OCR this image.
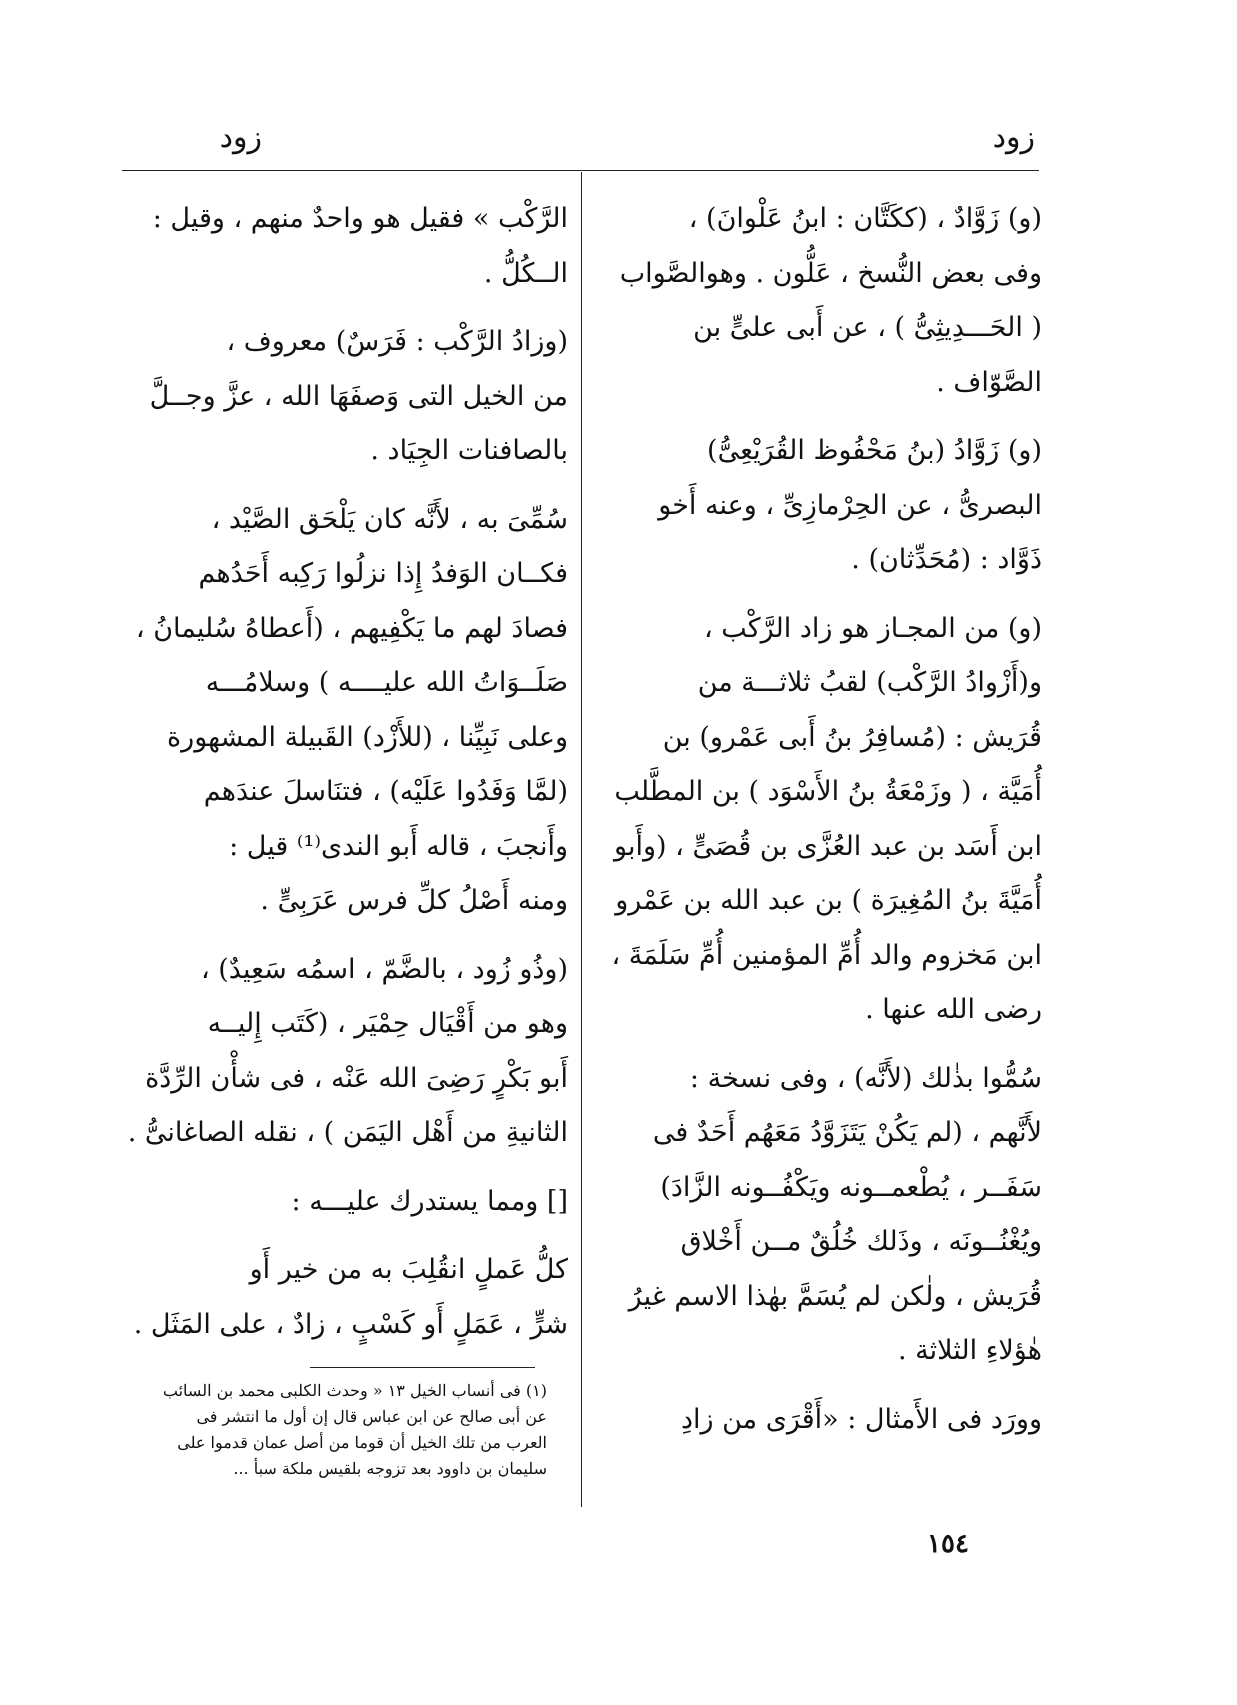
زود
زود

(و) زَوَّادٌ ، (ككَتَّان : ابنُ عَلْوانَ) ،

وفى بعض النُّسخ ، عَلُّون . وهوالصَّواب

( الحَـــدِيثِىُّ ) ، عن أَبى علىٍّ بن

الصَّوّاف .

(و) زَوَّادُ (بنُ مَحْفُوظ القُرَيْعِىُّ)

البصرىُّ ، عن الحِرْمازِىِّ ، وعنه أَخو

ذَوَّاد : (مُحَدِّثان) .

(و) من المجـاز هو زاد الرَّكْب ،

و(أَزْوادُ الرَّكْب) لقبُ ثلاثـــة من

قُرَيش : (مُسافِرُ بنُ أَبى عَمْرو) بن

أُمَيَّة ، ( وزَمْعَةُ بنُ الأَسْوَد ) بن المطَّلب

ابن أَسَد بن عبد العُزَّى بن قُصَىٍّ ، (وأَبو

أُمَيَّةَ بنُ المُغِيرَة ) بن عبد الله بن عَمْرو

ابن مَخزوم والد أُمِّ المؤمنين أُمِّ سَلَمَةَ ،

رضى الله عنها .

سُمُّوا بذٰلك (لأَنَّه) ، وفى نسخة :

لأَنَّهم ، (لم يَكُنْ يَتَزَوَّدُ مَعَهُم أَحَدٌ فى

سَفَــر ، يُطْعمــونه ويَكْفُــونه الزَّادَ)

ويُغْنُــونَه ، وذَلك خُلُقٌ مــن أَخْلاق

قُرَيش ، ولٰكن لم يُسَمَّ بهٰذا الاسم غيرُ

هٰؤلاءِ الثلاثة .

وورَد فى الأَمثال : «أَقْرَى من زادِ

الرَّكْب » فقيل هو واحدٌ منهم ، وقيل :

الــكُلُّ .

(وزادُ الرَّكْب : فَرَسٌ) معروف ،

من الخيل التى وَصفَهَا الله ، عزَّ وجــلَّ

بالصافنات الجِيَاد .

سُمِّىَ به ، لأَنَّه كان يَلْحَق الصَّيْد ،

فكــان الوَفدُ إِذا نزلُوا رَكِبه أَحَدُهم

فصادَ لهم ما يَكْفِيهم ، (أَعطاهُ سُليمانُ ،

صَلَــوَاتُ الله عليــــه ) وسلامُـــه

وعلى نَبِيِّنا ، (للأَزْد) القَبيلة المشهورة

(لمَّا وَفَدُوا عَلَيْه) ، فتنَاسلَ عندَهم

وأَنجبَ ، قاله أَبو الندى⁽¹⁾ قيل :

ومنه أَصْلُ كلِّ فرس عَرَبِىٍّ .

(وذُو زُود ، بالضَّمّ ، اسمُه سَعِيدٌ) ،

وهو من أَقْيَال حِمْيَر ، (كَتَب إِليــه

أَبو بَكْرٍ رَضِىَ الله عَنْه ، فى شأْن الرِّدَّة

الثانيةِ من أَهْل اليَمَن ) ، نقله الصاغانىُّ .

[] ومما يستدرك عليـــه :

كلُّ عَملٍ انقُلِبَ به من خير أَو

شرٍّ ، عَمَلٍ أَو كَسْبٍ ، زادٌ ، على المَثَل .

(١) فى أنساب الخيل ١٣ « وحدث الكلبى محمد بن السائب

عن أبى صالح عن ابن عباس قال إن أول ما انتشر فى

العرب من تلك الخيل أن قوما من أصل عمان قدموا على

سليمان بن داوود بعد تزوجه بلقيس ملكة سبأ ...

١٥٤
